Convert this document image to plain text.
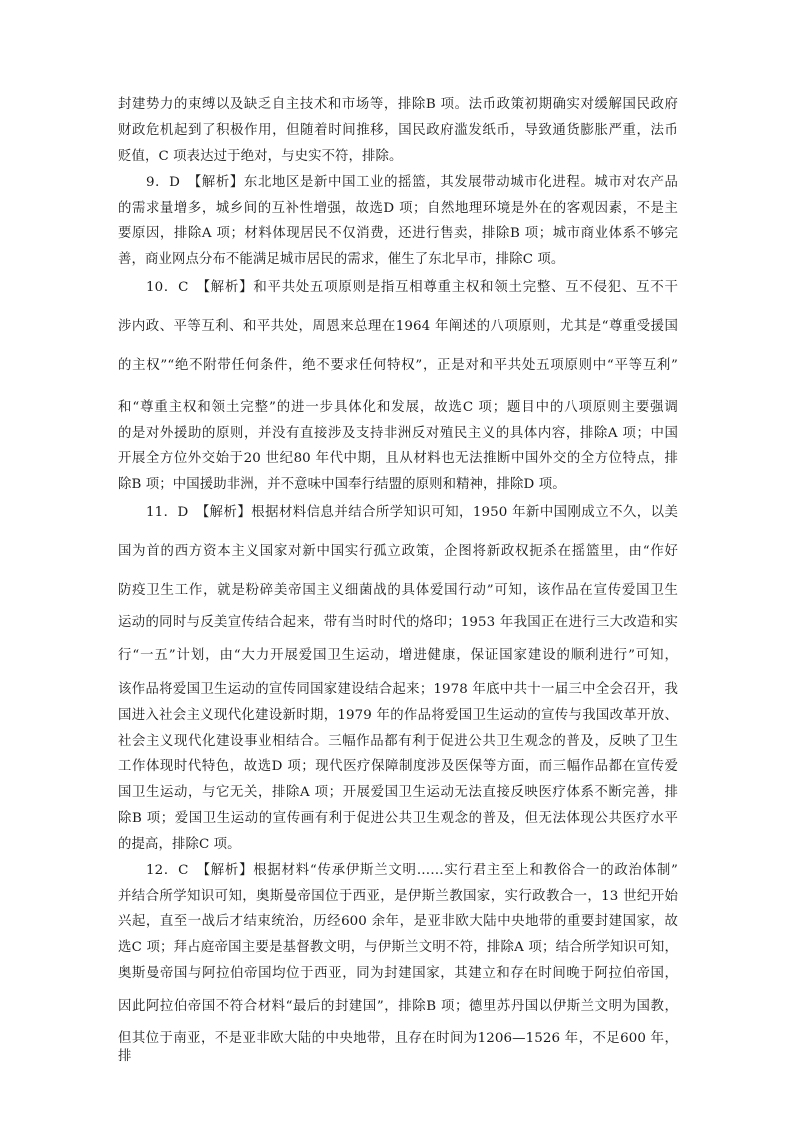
封建势力的束缚以及缺乏自主技术和市场等，排除B 项。法币政策初期确实对缓解国民政府
财政危机起到了积极作用，但随着时间推移，国民政府滥发纸币，导致通货膨胀严重，法币
贬值，C 项表达过于绝对，与史实不符，排除。
9．D　【解析】东北地区是新中国工业的摇篮，其发展带动城市化进程。城市对农产品
的需求量增多，城乡间的互补性增强，故选D 项；自然地理环境是外在的客观因素，不是主
要原因，排除A 项；材料体现居民不仅消费，还进行售卖，排除B 项；城市商业体系不够完
善，商业网点分布不能满足城市居民的需求，催生了东北早市，排除C 项。
10．C　【解析】和平共处五项原则是指互相尊重主权和领土完整、互不侵犯、互不干
涉内政、平等互利、和平共处，周恩来总理在1964 年阐述的八项原则，尤其是“尊重受援国
的主权”“绝不附带任何条件，绝不要求任何特权”，正是对和平共处五项原则中“平等互利”
和“尊重主权和领土完整”的进一步具体化和发展，故选C 项；题目中的八项原则主要强调
的是对外援助的原则，并没有直接涉及支持非洲反对殖民主义的具体内容，排除A 项；中国
开展全方位外交始于20 世纪80 年代中期，且从材料也无法推断中国外交的全方位特点，排
除B 项；中国援助非洲，并不意味中国奉行结盟的原则和精神，排除D 项。
11．D　【解析】根据材料信息并结合所学知识可知，1950 年新中国刚成立不久，以美
国为首的西方资本主义国家对新中国实行孤立政策，企图将新政权扼杀在摇篮里，由“作好
防疫卫生工作，就是粉碎美帝国主义细菌战的具体爱国行动”可知，该作品在宣传爱国卫生
运动的同时与反美宣传结合起来，带有当时时代的烙印；1953 年我国正在进行三大改造和实
行“一五”计划，由“大力开展爱国卫生运动，增进健康，保证国家建设的顺利进行”可知，
该作品将爱国卫生运动的宣传同国家建设结合起来；1978 年底中共十一届三中全会召开，我
国进入社会主义现代化建设新时期，1979 年的作品将爱国卫生运动的宣传与我国改革开放、
社会主义现代化建设事业相结合。三幅作品都有利于促进公共卫生观念的普及，反映了卫生
工作体现时代特色，故选D 项；现代医疗保障制度涉及医保等方面，而三幅作品都在宣传爱
国卫生运动，与它无关，排除A 项；开展爱国卫生运动无法直接反映医疗体系不断完善，排
除B 项；爱国卫生运动的宣传画有利于促进公共卫生观念的普及，但无法体现公共医疗水平
的提高，排除C 项。
12．C　【解析】根据材料“传承伊斯兰文明……实行君主至上和教俗合一的政治体制”
并结合所学知识可知，奥斯曼帝国位于西亚，是伊斯兰教国家，实行政教合一，13 世纪开始
兴起，直至一战后才结束统治，历经600 余年，是亚非欧大陆中央地带的重要封建国家，故
选C 项；拜占庭帝国主要是基督教文明，与伊斯兰文明不符，排除A 项；结合所学知识可知，
奥斯曼帝国与阿拉伯帝国均位于西亚，同为封建国家，其建立和存在时间晚于阿拉伯帝国，
因此阿拉伯帝国不符合材料“最后的封建国”，排除B 项；德里苏丹国以伊斯兰文明为国教，
但其位于南亚，不是亚非欧大陆的中央地带，且存在时间为1206—1526 年，不足600 年，排
